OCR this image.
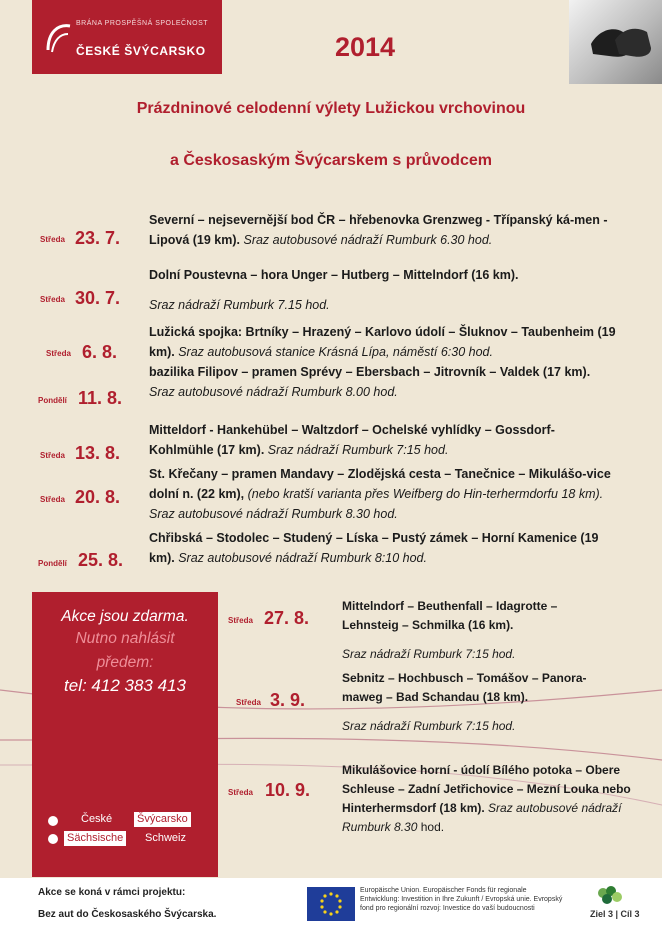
BRÁNA PROSPĚŠNÁ SPOLEČNOST
ČESKÉ ŠVÝCARSKO	2014
Prázdninové celodenní výlety Lužickou vrchovinou
a Českosaským Švýcarskem s průvodcem
Středa 23. 7.
Severní – nejsevernější bod ČR – hřebenovka Grenzweg - Třípanský ká-men - Lipová (19 km). Sraz autobusové nádraží Rumburk 6.30 hod.
Středa 30. 7.
Dolní Poustevna – hora Unger – Hutberg – Mittelndorf (16 km).
Sraz nádraží Rumburk 7.15 hod.
Středa 6. 8.
Lužická spojka: Brtníky – Hrazený – Karlovo údolí – Šluknov – Taubenheim (19 km). Sraz autobusová stanice Krásná Lípa, náměstí 6:30 hod.
Pondělí 11. 8.
bazilika Filipov – pramen Sprévy – Ebersbach – Jitrovník – Valdek (17 km). Sraz autobusové nádraží Rumburk 8.00 hod.
Středa 13. 8.
Mitteldorf - Hankehübel – Waltzdorf – Ochelské vyhlídky – Gossdorf- Kohlmühle (17 km). Sraz nádraží Rumburk 7:15 hod.
Středa 20. 8.
St. Křečany – pramen Mandavy – Zlodějská cesta – Tanečnice – Mikulášo-vice dolní n. (22 km), (nebo kratší varianta přes Weifberg do Hin-terhermdorfu 18 km). Sraz autobusové nádraží Rumburk 8.30 hod.
Pondělí 25. 8.
Chřibská – Stodolec – Studený – Líska – Pustý zámek – Horní Kamenice (19 km). Sraz autobusové nádraží Rumburk 8:10 hod.
Akce jsou zdarma.
Nutno nahlásit
předem:
tel: 412 383 413
České Švýcarsko
Sächsische Schweiz
Středa 27. 8.
Mittelndorf – Beuthenfall – Idagrotte – Lehnsteig – Schmilka (16 km).
Sraz nádraží Rumburk 7:15 hod.
Středa 3. 9.
Sebnitz – Hochbusch – Tomášov – Panora-maweg – Bad Schandau (18 km).
Sraz nádraží Rumburk 7:15 hod.
Středa 10. 9.
Mikulášovice horní - údolí Bílého potoka – Obere Schleuse – Zadní Jetřichovice – Mezní Louka nebo Hinterhermsdorf (18 km). Sraz autobusové nádraží Rumburk 8.30 hod.
Akce se koná v rámci projektu:
Bez aut do Českosaského Švýcarska.
Europäische Union. Europäischer Fonds für regionale Entwicklung: Investition in Ihre Zukunft / Evropská unie. Evropský fond pro regionální rozvoj: Investice do vaší budoucnosti
Ziel 3 | Cíl 3
